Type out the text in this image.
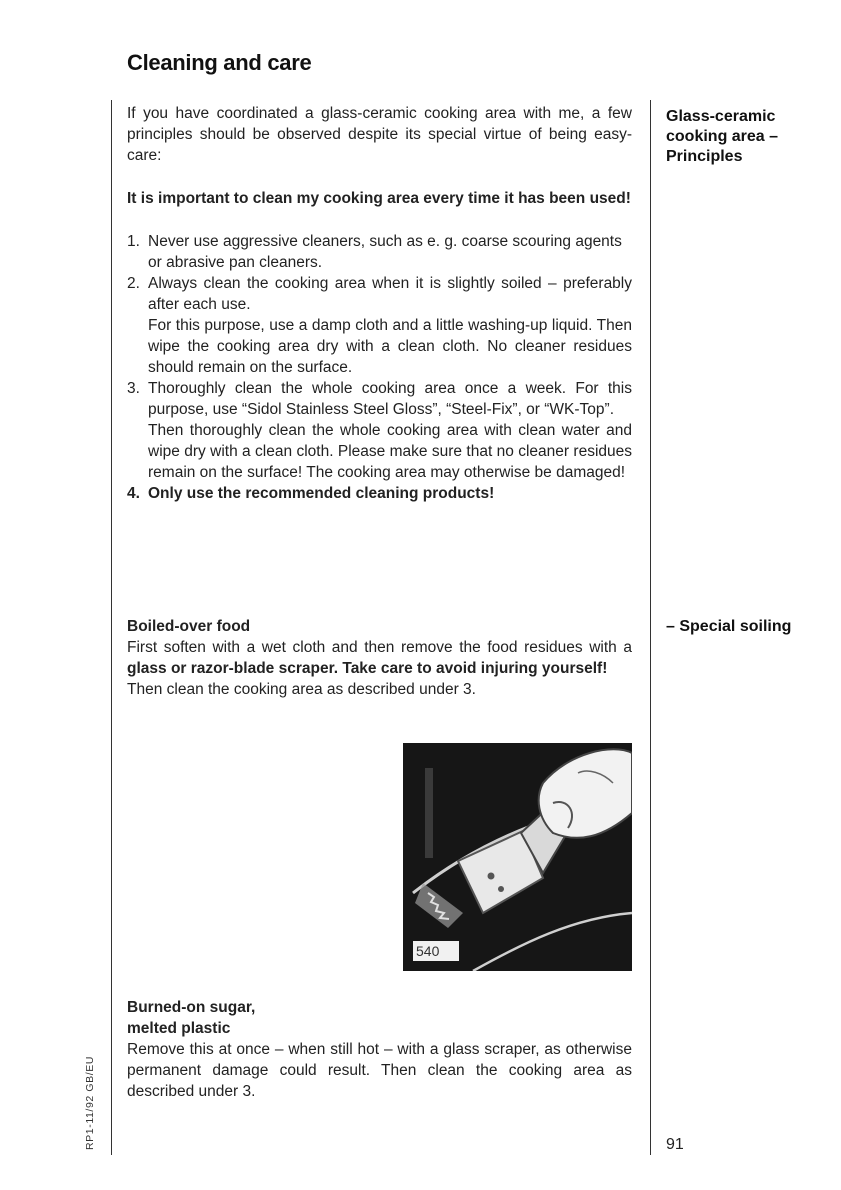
Cleaning and care
Glass-ceramic cooking area – Principles
– Special soiling

If you have coordinated a glass-ceramic cooking area with me, a few principles should be observed despite its special virtue of being easy-care:

It is important to clean my cooking area every time it has been used!

1. Never use aggressive cleaners, such as e. g. coarse scouring agents or abrasive pan cleaners.
2. Always clean the cooking area when it is slightly soiled – preferably after each use.

For this purpose, use a damp cloth and a little washing-up liquid. Then wipe the cooking area dry with a clean cloth. No cleaner residues should remain on the surface.

3. Thoroughly clean the whole cooking area once a week. For this purpose, use “Sidol Stainless Steel Gloss”, “Steel-Fix”, or “WK-Top”.

Then thoroughly clean the whole cooking area with clean water and wipe dry with a clean cloth. Please make sure that no cleaner residues remain on the surface! The cooking area may otherwise be damaged!

4. Only use the recommended cleaning products!

Boiled-over food

First soften with a wet cloth and then remove the food residues with a glass or razor-blade scraper. Take care to avoid injuring yourself!

Then clean the cooking area as described under 3.

540

Burned-on sugar,

melted plastic

Remove this at once – when still hot – with a glass scraper, as otherwise permanent damage could result. Then clean the cooking area as described under 3.

RP1-11/92 GB/EU	91
